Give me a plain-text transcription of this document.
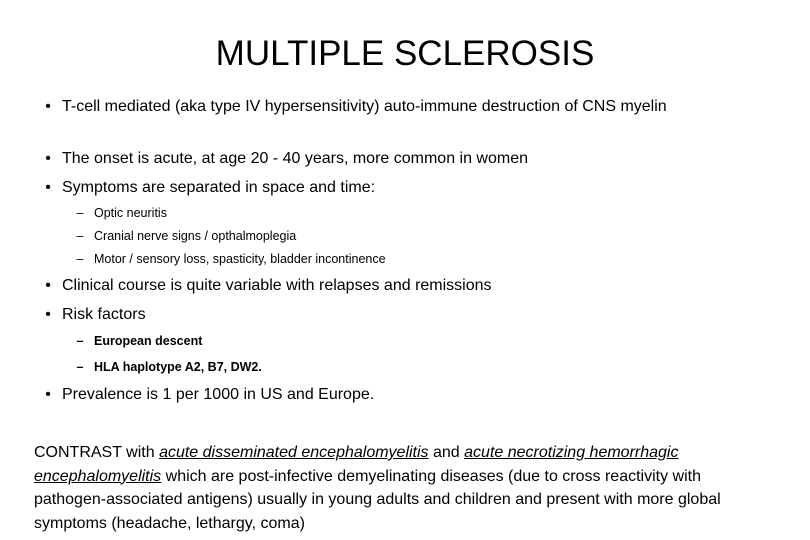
MULTIPLE SCLEROSIS
• T-cell mediated (aka type IV hypersensitivity) auto-immune destruction of CNS myelin
• The onset is acute, at age 20 - 40 years, more common in women
• Symptoms are separated in space and time:
– Optic neuritis
– Cranial nerve signs / opthalmoplegia
– Motor / sensory loss, spasticity, bladder incontinence
• Clinical course is quite variable with relapses and remissions
• Risk factors
– European descent
– HLA haplotype A2, B7, DW2.
• Prevalence is 1 per 1000 in US and Europe.
CONTRAST with acute disseminated encephalomyelitis and acute necrotizing hemorrhagic encephalomyelitis which are post-infective demyelinating diseases (due to cross reactivity with pathogen-associated antigens) usually in young adults and children and present with more global symptoms (headache, lethargy, coma)
